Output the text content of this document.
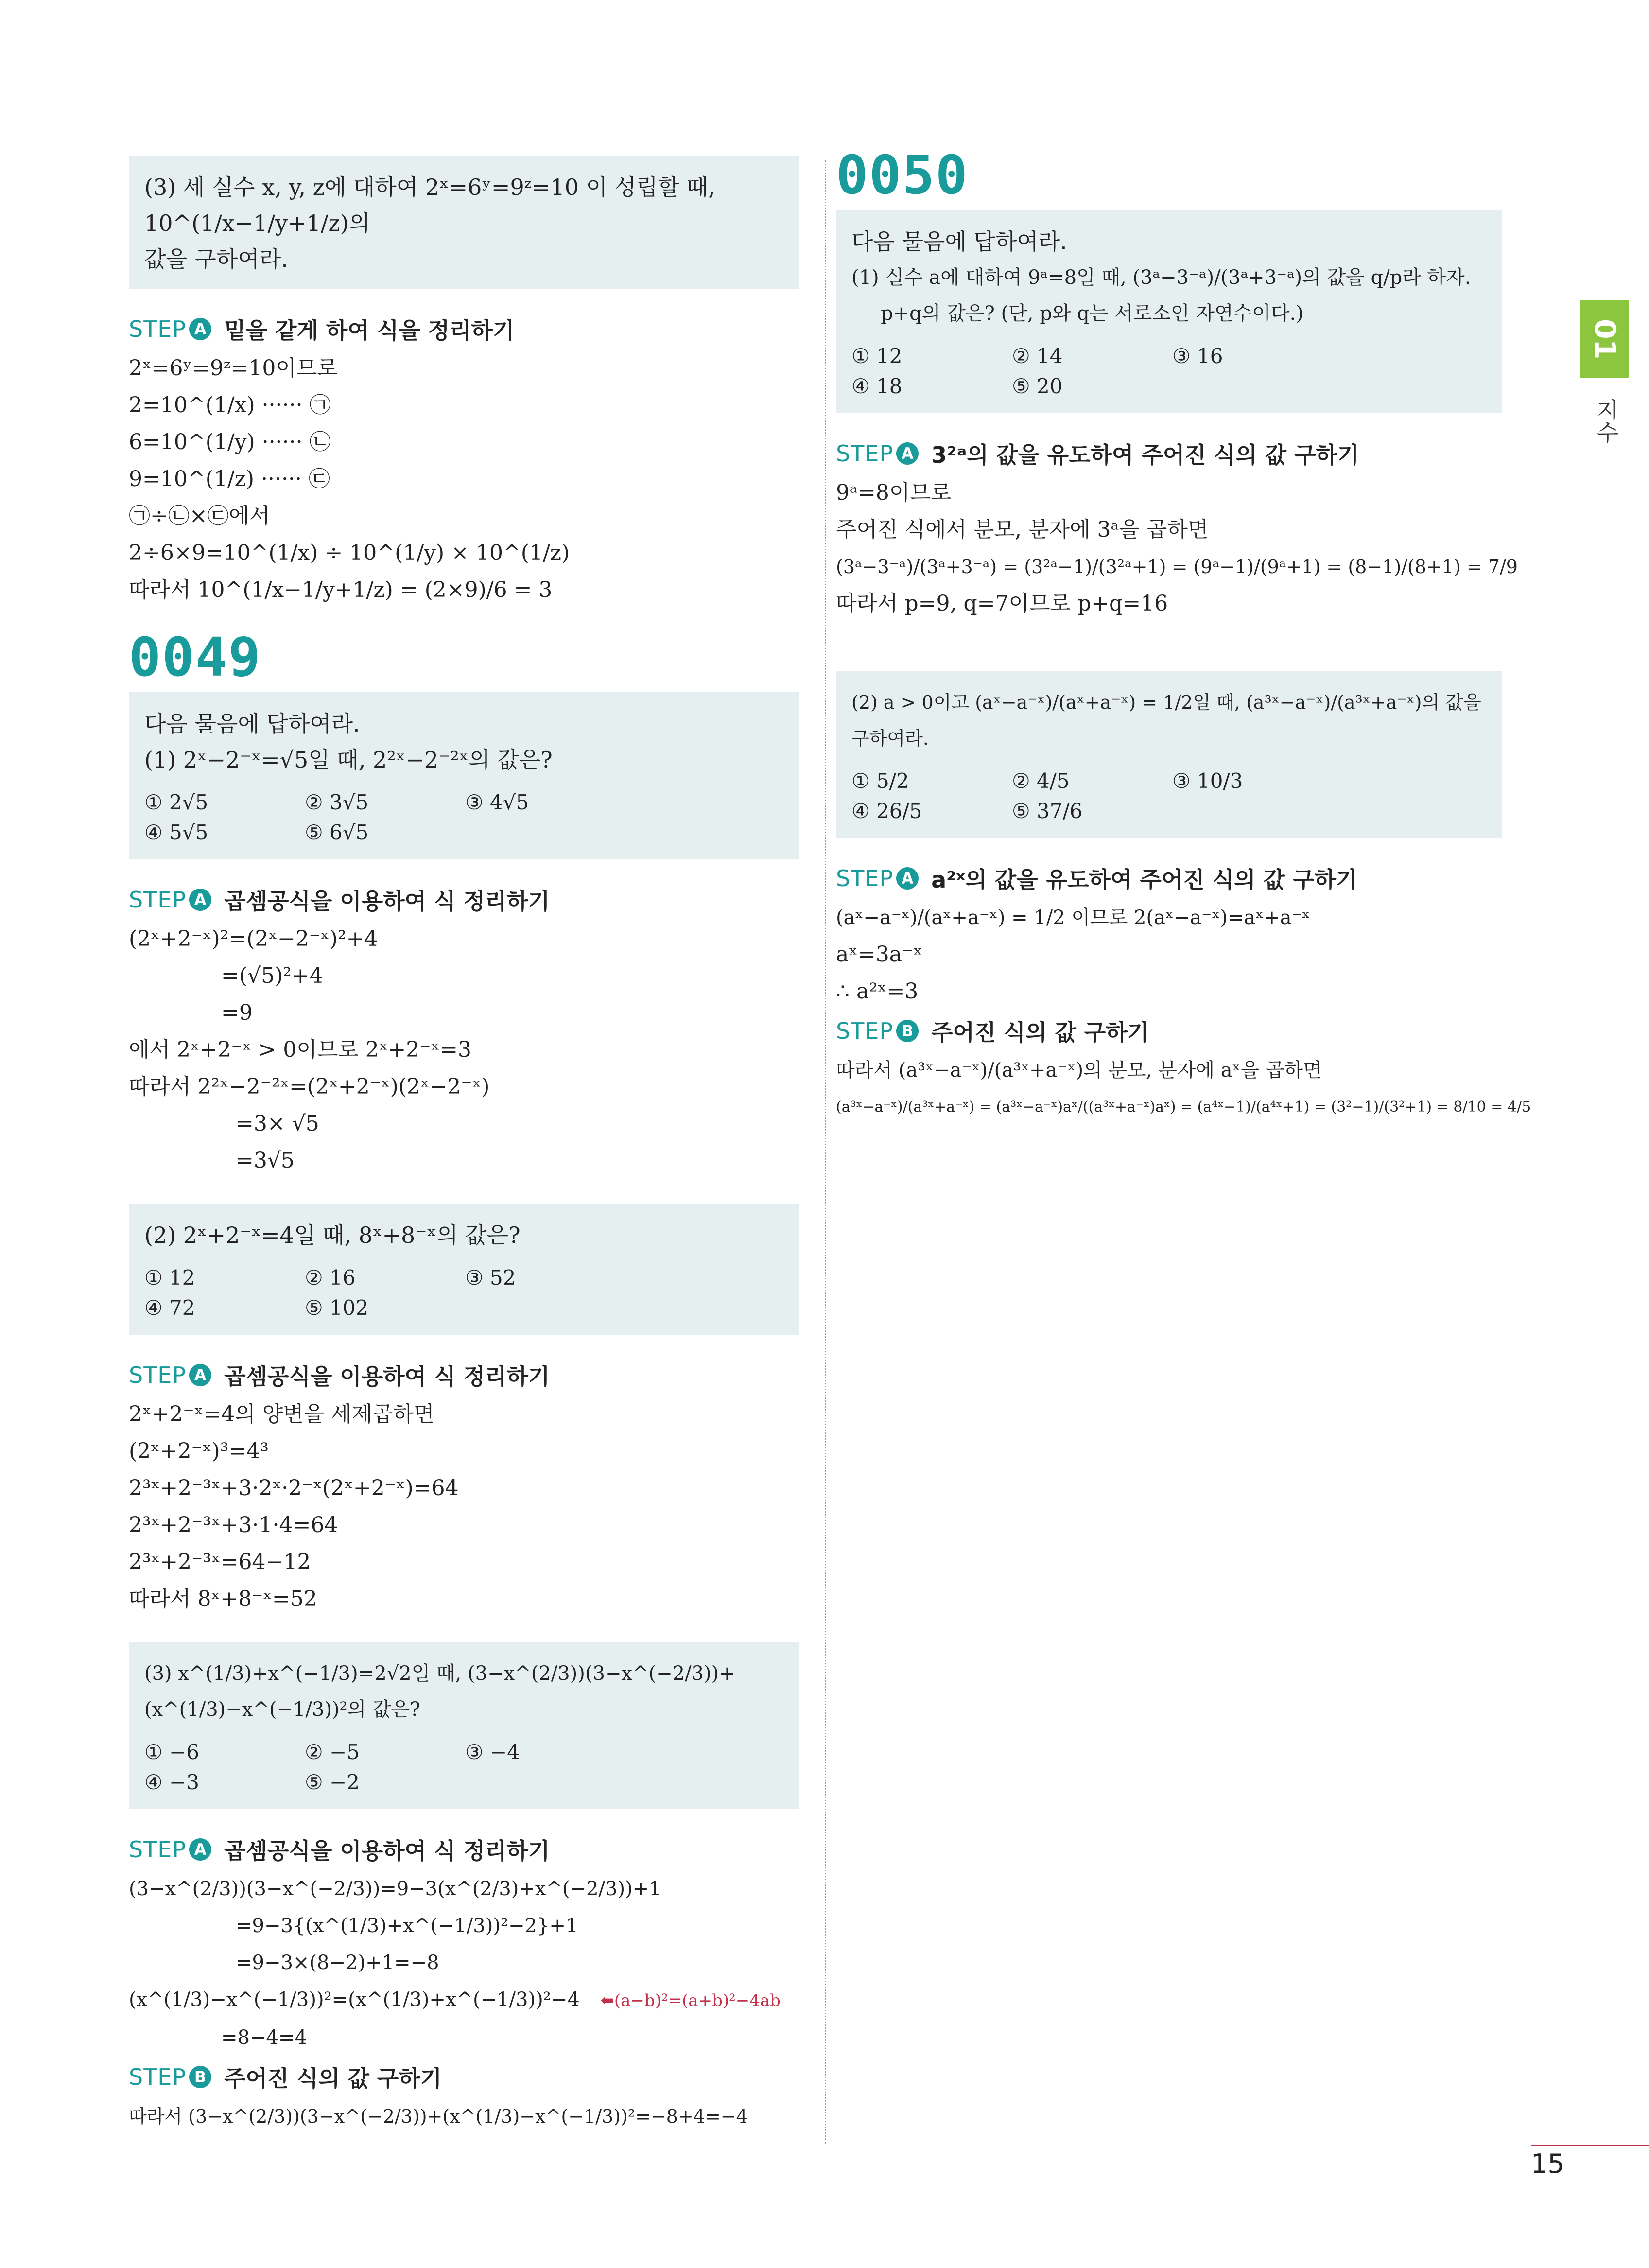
01
지수
15
(3) 세 실수 x, y, z에 대하여 2ˣ=6ʸ=9ᶻ=10 이 성립할 때, 10^(1/x−1/y+1/z)의
값을 구하여라.
STEP A 밑을 같게 하여 식을 정리하기
2ˣ=6ʸ=9ᶻ=10이므로
2=10^(1/x) ······ ㉠
6=10^(1/y) ······ ㉡
9=10^(1/z) ······ ㉢
㉠÷㉡×㉢에서
2÷6×9=10^(1/x) ÷ 10^(1/y) × 10^(1/z)
따라서 10^(1/x−1/y+1/z) = (2×9)/6 = 3
0049
다음 물음에 답하여라.
(1) 2ˣ−2⁻ˣ=√5일 때, 2²ˣ−2⁻²ˣ의 값은?
① 2√5	② 3√5	③ 4√5
④ 5√5	⑤ 6√5
STEP A 곱셈공식을 이용하여 식 정리하기
(2ˣ+2⁻ˣ)²=(2ˣ−2⁻ˣ)²+4
=(√5)²+4
=9
에서 2ˣ+2⁻ˣ > 0이므로 2ˣ+2⁻ˣ=3
따라서 2²ˣ−2⁻²ˣ=(2ˣ+2⁻ˣ)(2ˣ−2⁻ˣ)
=3× √5
=3√5
(2) 2ˣ+2⁻ˣ=4일 때, 8ˣ+8⁻ˣ의 값은?
① 12	② 16	③ 52
④ 72	⑤ 102
STEP A 곱셈공식을 이용하여 식 정리하기
2ˣ+2⁻ˣ=4의 양변을 세제곱하면
(2ˣ+2⁻ˣ)³=4³
2³ˣ+2⁻³ˣ+3·2ˣ·2⁻ˣ(2ˣ+2⁻ˣ)=64
2³ˣ+2⁻³ˣ+3·1·4=64
2³ˣ+2⁻³ˣ=64−12
따라서 8ˣ+8⁻ˣ=52
(3) x^(1/3)+x^(−1/3)=2√2일 때, (3−x^(2/3))(3−x^(−2/3))+(x^(1/3)−x^(−1/3))²의 값은?
① −6	② −5	③ −4
④ −3	⑤ −2
STEP A 곱셈공식을 이용하여 식 정리하기
(3−x^(2/3))(3−x^(−2/3))=9−3(x^(2/3)+x^(−2/3))+1
=9−3{(x^(1/3)+x^(−1/3))²−2}+1
=9−3×(8−2)+1=−8
(x^(1/3)−x^(−1/3))²=(x^(1/3)+x^(−1/3))²−4 ⬅(a−b)²=(a+b)²−4ab
=8−4=4
STEP B 주어진 식의 값 구하기
따라서 (3−x^(2/3))(3−x^(−2/3))+(x^(1/3)−x^(−1/3))²=−8+4=−4
0050
다음 물음에 답하여라.
(1) 실수 a에 대하여 9ᵃ=8일 때, (3ᵃ−3⁻ᵃ)/(3ᵃ+3⁻ᵃ)의 값을 q/p라 하자.
p+q의 값은? (단, p와 q는 서로소인 자연수이다.)
① 12	② 14	③ 16
④ 18	⑤ 20
STEP A 3²ᵃ의 값을 유도하여 주어진 식의 값 구하기
9ᵃ=8이므로
주어진 식에서 분모, 분자에 3ᵃ을 곱하면
(3ᵃ−3⁻ᵃ)/(3ᵃ+3⁻ᵃ) = (3²ᵃ−1)/(3²ᵃ+1) = (9ᵃ−1)/(9ᵃ+1) = (8−1)/(8+1) = 7/9
따라서 p=9, q=7이므로 p+q=16
(2) a > 0이고 (aˣ−a⁻ˣ)/(aˣ+a⁻ˣ) = 1/2일 때, (a³ˣ−a⁻ˣ)/(a³ˣ+a⁻ˣ)의 값을 구하여라.
① 5/2	② 4/5	③ 10/3
④ 26/5	⑤ 37/6
STEP A a²ˣ의 값을 유도하여 주어진 식의 값 구하기
(aˣ−a⁻ˣ)/(aˣ+a⁻ˣ) = 1/2 이므로 2(aˣ−a⁻ˣ)=aˣ+a⁻ˣ
aˣ=3a⁻ˣ
∴ a²ˣ=3
STEP B 주어진 식의 값 구하기
따라서 (a³ˣ−a⁻ˣ)/(a³ˣ+a⁻ˣ)의 분모, 분자에 aˣ을 곱하면
(a³ˣ−a⁻ˣ)/(a³ˣ+a⁻ˣ) = (a³ˣ−a⁻ˣ)aˣ/((a³ˣ+a⁻ˣ)aˣ) = (a⁴ˣ−1)/(a⁴ˣ+1) = (3²−1)/(3²+1) = 8/10 = 4/5
